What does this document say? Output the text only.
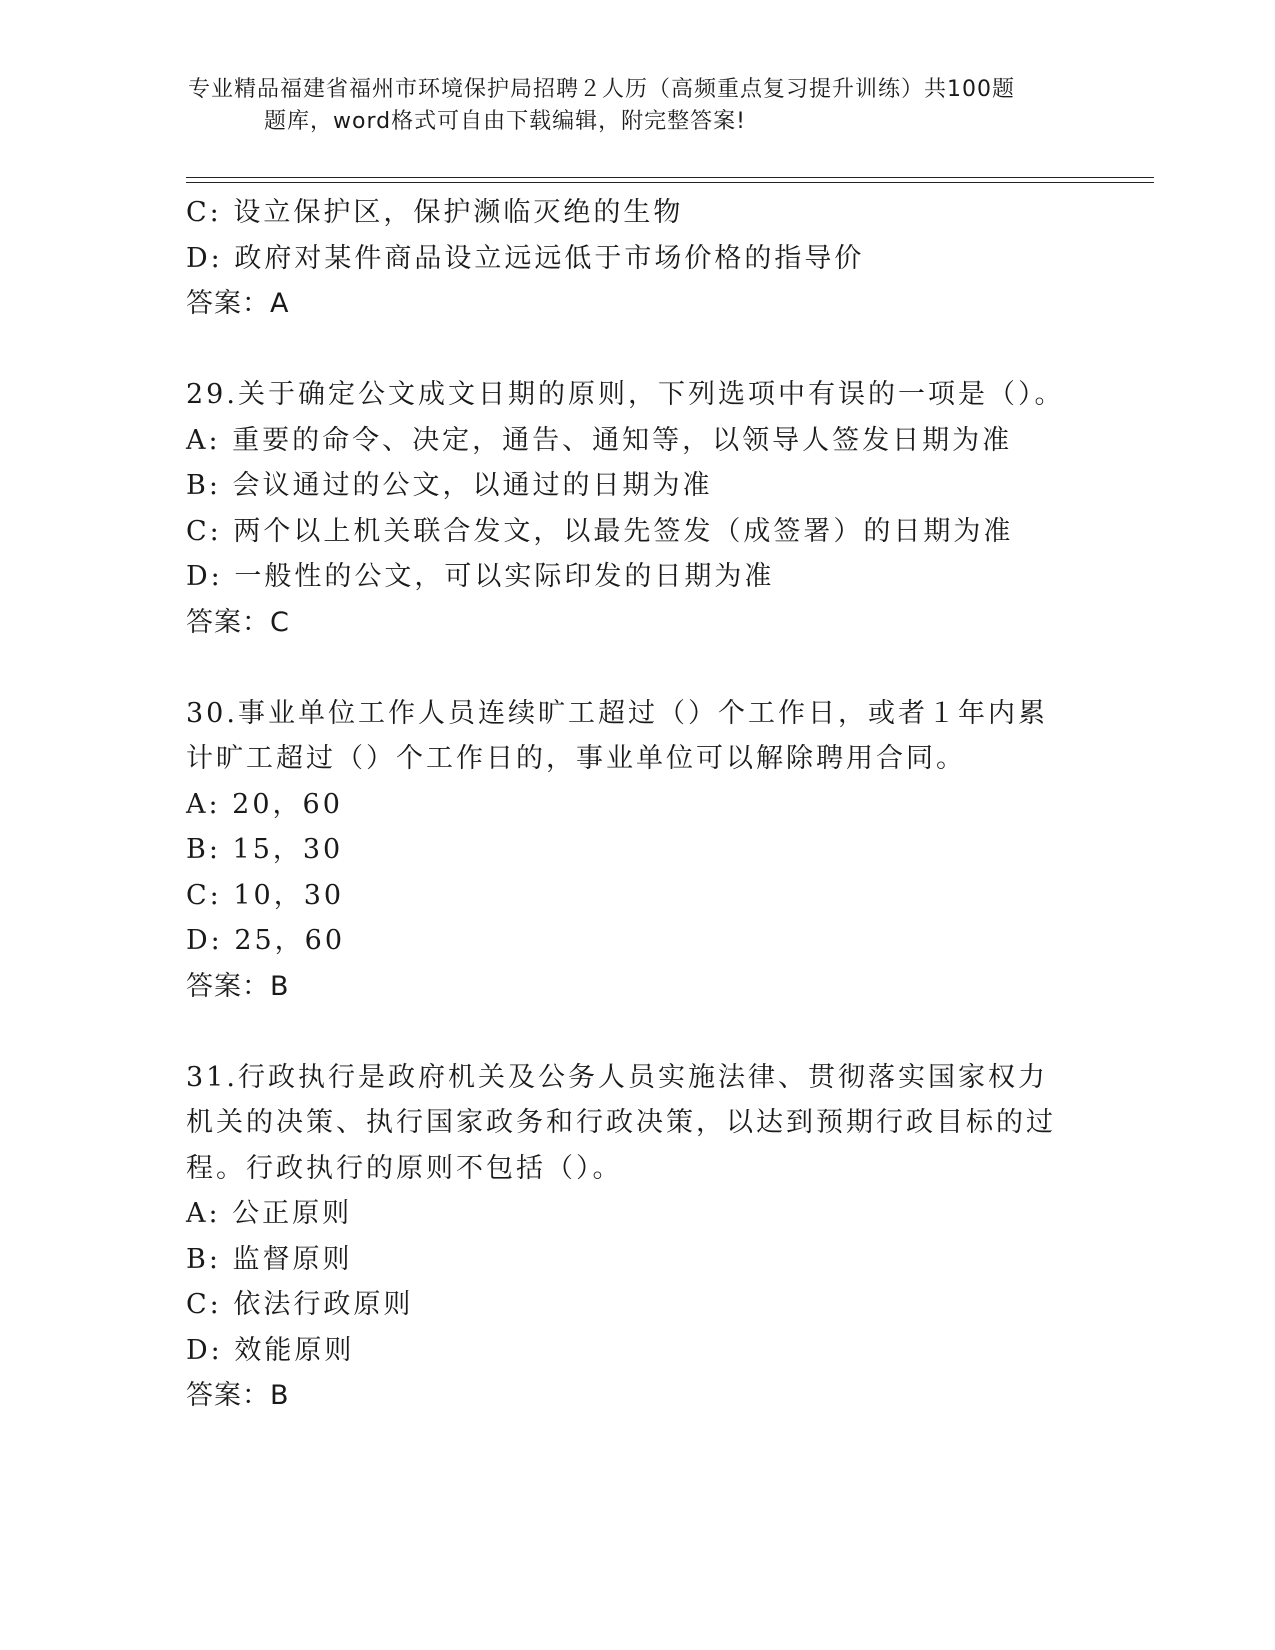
专业精品福建省福州市环境保护局招聘２人历（高频重点复习提升训练）共100题
题库，word格式可自由下载编辑，附完整答案!
C: 设立保护区，保护濒临灭绝的生物
D: 政府对某件商品设立远远低于市场价格的指导价
答案：A
29.关于确定公文成文日期的原则，下列选项中有误的一项是（）。
A: 重要的命令、决定，通告、通知等，以领导人签发日期为准
B: 会议通过的公文，以通过的日期为准
C: 两个以上机关联合发文，以最先签发（成签署）的日期为准
D: 一般性的公文，可以实际印发的日期为准
答案：C
30.事业单位工作人员连续旷工超过（）个工作日，或者１年内累计旷工超过（）个工作日的，事业单位可以解除聘用合同。
A: 20，60
B: 15，30
C: 10，30
D: 25，60
答案：B
31.行政执行是政府机关及公务人员实施法律、贯彻落实国家权力机关的决策、执行国家政务和行政决策，以达到预期行政目标的过程。行政执行的原则不包括（）。
A: 公正原则
B: 监督原则
C: 依法行政原则
D: 效能原则
答案：B
